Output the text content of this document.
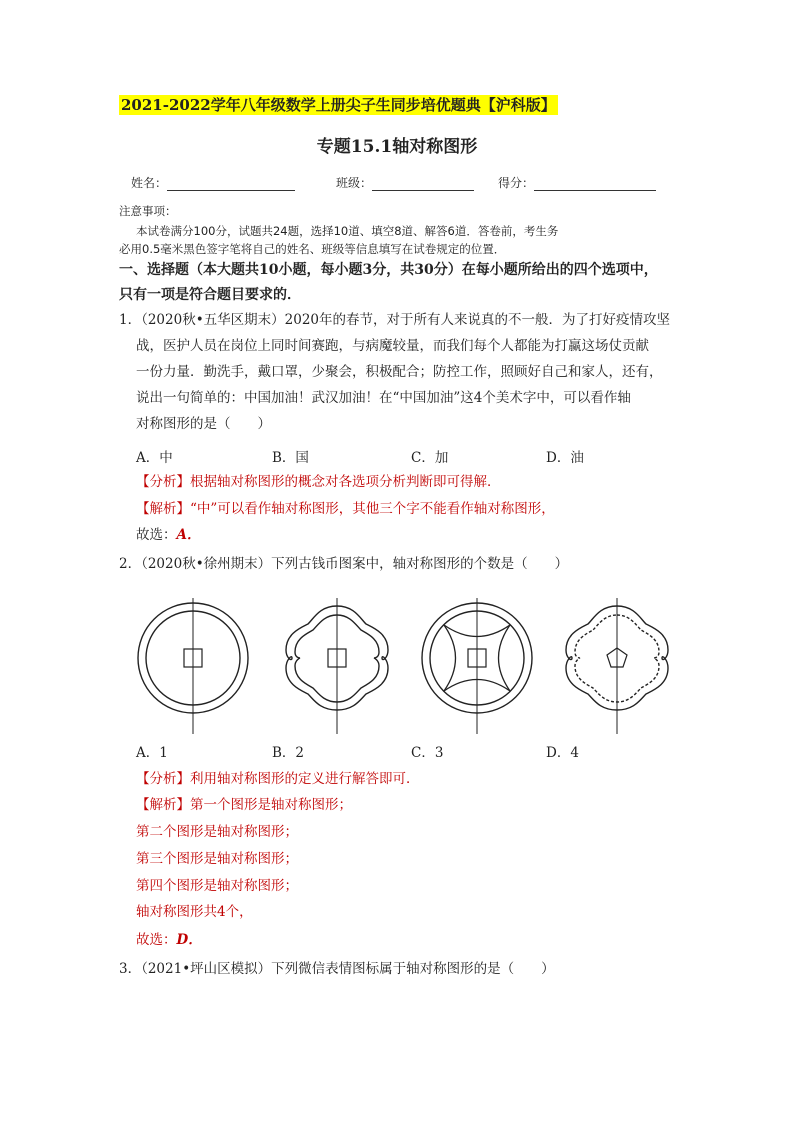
2021-2022学年八年级数学上册尖子生同步培优题典【沪科版】
专题15.1轴对称图形
姓名：	班级：	得分：
注意事项：
本试卷满分100分，试题共24题，选择10道、填空8道、解答6道．答卷前，考生务
必用0.5毫米黑色签字笔将自己的姓名、班级等信息填写在试卷规定的位置．
一、选择题（本大题共10小题，每小题3分，共30分）在每小题所给出的四个选项中，
只有一项是符合题目要求的．
1．（2020秋•五华区期末）2020年的春节，对于所有人来说真的不一般．为了打好疫情攻坚
战，医护人员在岗位上同时间赛跑，与病魔较量，而我们每个人都能为打赢这场仗贡献
一份力量．勤洗手，戴口罩，少聚会，积极配合；防控工作，照顾好自己和家人，还有，
说出一句简单的：中国加油！武汉加油！在“中国加油”这4个美术字中，可以看作轴
对称图形的是（　　）
A．中	B．国	C．加	D．油
【分析】根据轴对称图形的概念对各选项分析判断即可得解．
【解析】“中”可以看作轴对称图形，其他三个字不能看作轴对称图形，
故选：A．
2．（2020秋•徐州期末）下列古钱币图案中，轴对称图形的个数是（　　）
A．1	B．2	C．3	D．4
【分析】利用轴对称图形的定义进行解答即可．
【解析】第一个图形是轴对称图形；
第二个图形是轴对称图形；
第三个图形是轴对称图形；
第四个图形是轴对称图形；
轴对称图形共4个，
故选：D．
3．（2021•坪山区模拟）下列微信表情图标属于轴对称图形的是（　　）
